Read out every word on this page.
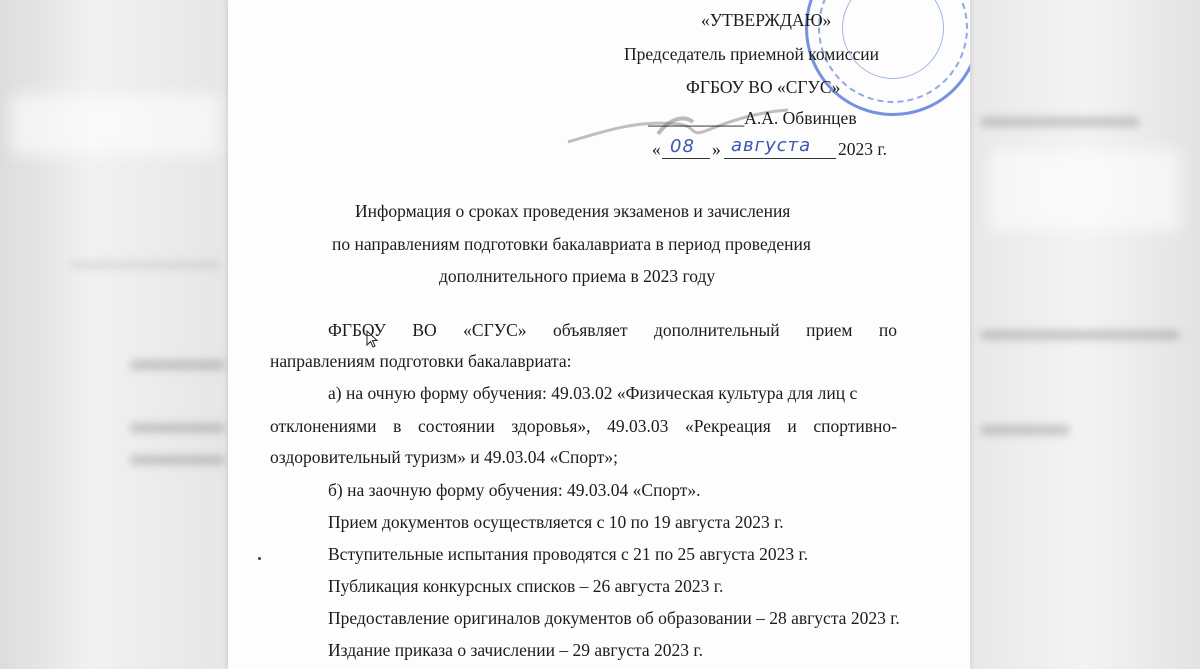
«УТВЕРЖДАЮ»
Председатель приемной комиссии
ФГБОУ ВО «СГУС»
___________А.А. Обвинцев
« 08 » августа 2023 г.
Информация о сроках проведения экзаменов и зачисления
по направлениям подготовки бакалавриата в период проведения
дополнительного приема в 2023 году
ФГБОУ ВО «СГУС» объявляет дополнительный прием по
направлениям подготовки бакалавриата:
а) на очную форму обучения: 49.03.02 «Физическая культура для лиц с
отклонениями в состоянии здоровья», 49.03.03 «Рекреация и спортивно-
оздоровительный туризм» и 49.03.04 «Спорт»;
б) на заочную форму обучения: 49.03.04 «Спорт».
Прием документов осуществляется с 10 по 19 августа 2023 г.
Вступительные испытания проводятся с 21 по 25 августа 2023 г.
Публикация конкурсных списков – 26 августа 2023 г.
Предоставление оригиналов документов об образовании – 28 августа 2023 г.
Издание приказа о зачислении – 29 августа 2023 г.
